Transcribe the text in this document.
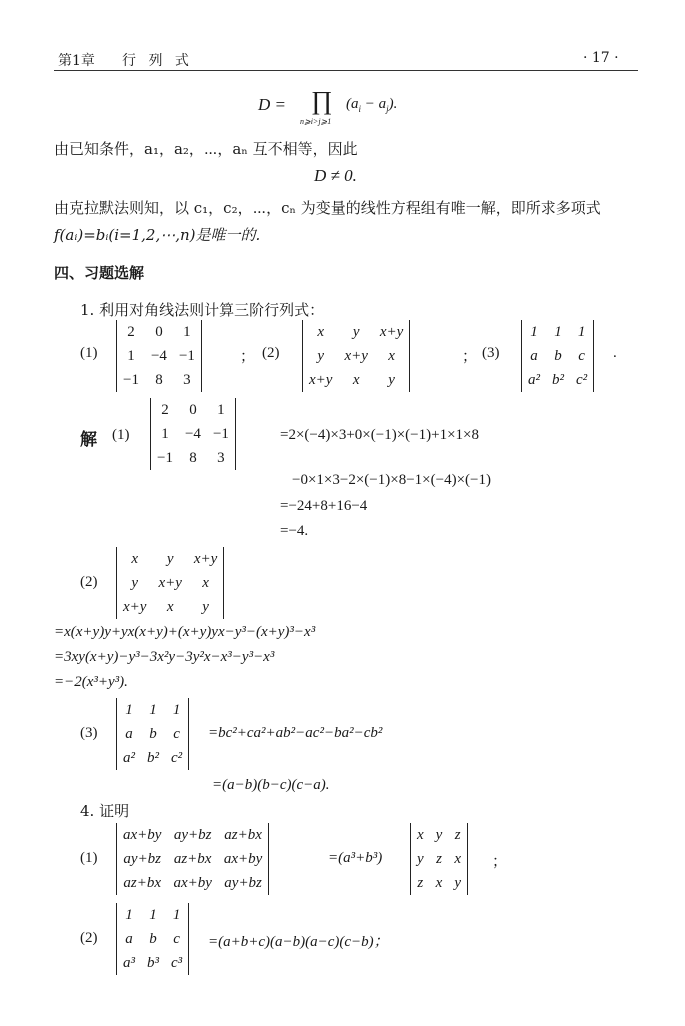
第1章 行 列 式	· 17 ·
D = ∏
n⩾i>j⩾1
$(a_i - a_j)$.
由已知条件，a₁，a₂，⋯，aₙ 互不相等，因此
D ≠ 0.
由克拉默法则知，以 c₁，c₂，⋯，cₙ 为变量的线性方程组有唯一解，即所求多项式
f(aᵢ)=bᵢ(i=1,2,⋯,n)是唯一的.
四、习题选解
1. 利用对角线法则计算三阶行列式：
(1)
2	0	1
1	−4	−1
−1	8	3
； (2)
x	y	x+y
y	x+y	x
x+y	x	y
； (3)
1	1	1
a	b	c
a²	b²	c²
.
解 (1)
2	0	1
1	−4	−1
−1	8	3
=2×(−4)×3+0×(−1)×(−1)+1×1×8
−0×1×3−2×(−1)×8−1×(−4)×(−1)
=−24+8+16−4
=−4.
(2)
x	y	x+y
y	x+y	x
x+y	x	y
=x(x+y)y+yx(x+y)+(x+y)yx−y³−(x+y)³−x³
=3xy(x+y)−y³−3x²y−3y²x−x³−y³−x³
=−2(x³+y³).
(3)
1	1	1
a	b	c
a²	b²	c²
=bc²+ca²+ab²−ac²−ba²−cb²
=(a−b)(b−c)(c−a).
4. 证明
(1)
ax+by	ay+bz	az+bx
ay+bz	az+bx	ax+by
az+bx	ax+by	ay+bz
=(a³+b³)
x	y	z
y	z	x
z	x	y
；
(2)
1	1	1
a	b	c
a³	b³	c³
=(a+b+c)(a−b)(a−c)(c−b)；
